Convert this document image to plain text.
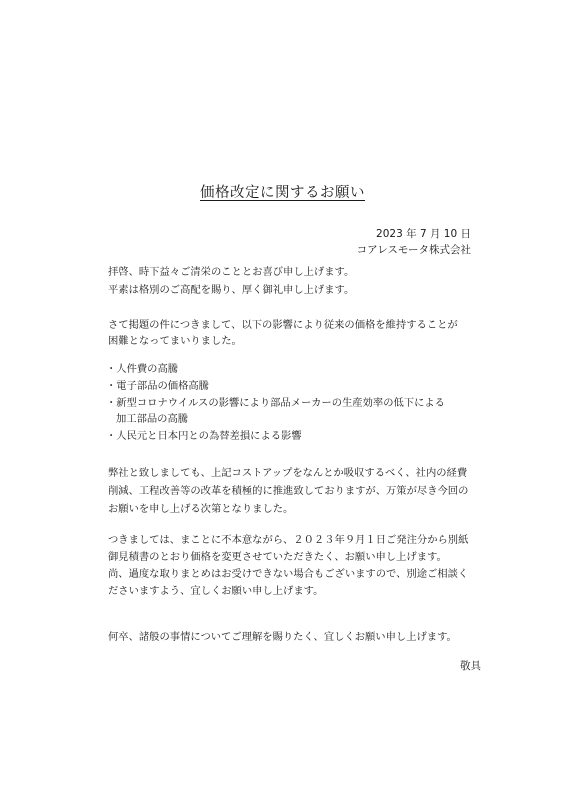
価格改定に関するお願い
2023 年 7 月 10 日
コアレスモータ株式会社
拝啓、時下益々ご清栄のこととお喜び申し上げます。
平素は格別のご高配を賜り、厚く御礼申し上げます。
さて掲題の件につきまして、以下の影響により従来の価格を維持することが
困難となってまいりました。
・人件費の高騰
・電子部品の価格高騰
・新型コロナウイルスの影響により部品メーカーの生産効率の低下による
加工部品の高騰
・人民元と日本円との為替差損による影響
弊社と致しましても、上記コストアップをなんとか吸収するべく、社内の経費
削減、工程改善等の改革を積極的に推進致しておりますが、万策が尽き今回の
お願いを申し上げる次第となりました。
つきましては、まことに不本意ながら、２０２３年９月１日ご発注分から別紙
御見積書のとおり価格を変更させていただきたく、お願い申し上げます。
尚、過度な取りまとめはお受けできない場合もございますので、別途ご相談く
ださいますよう、宜しくお願い申し上げます。
何卒、諸般の事情についてご理解を賜りたく、宜しくお願い申し上げます。
敬具
